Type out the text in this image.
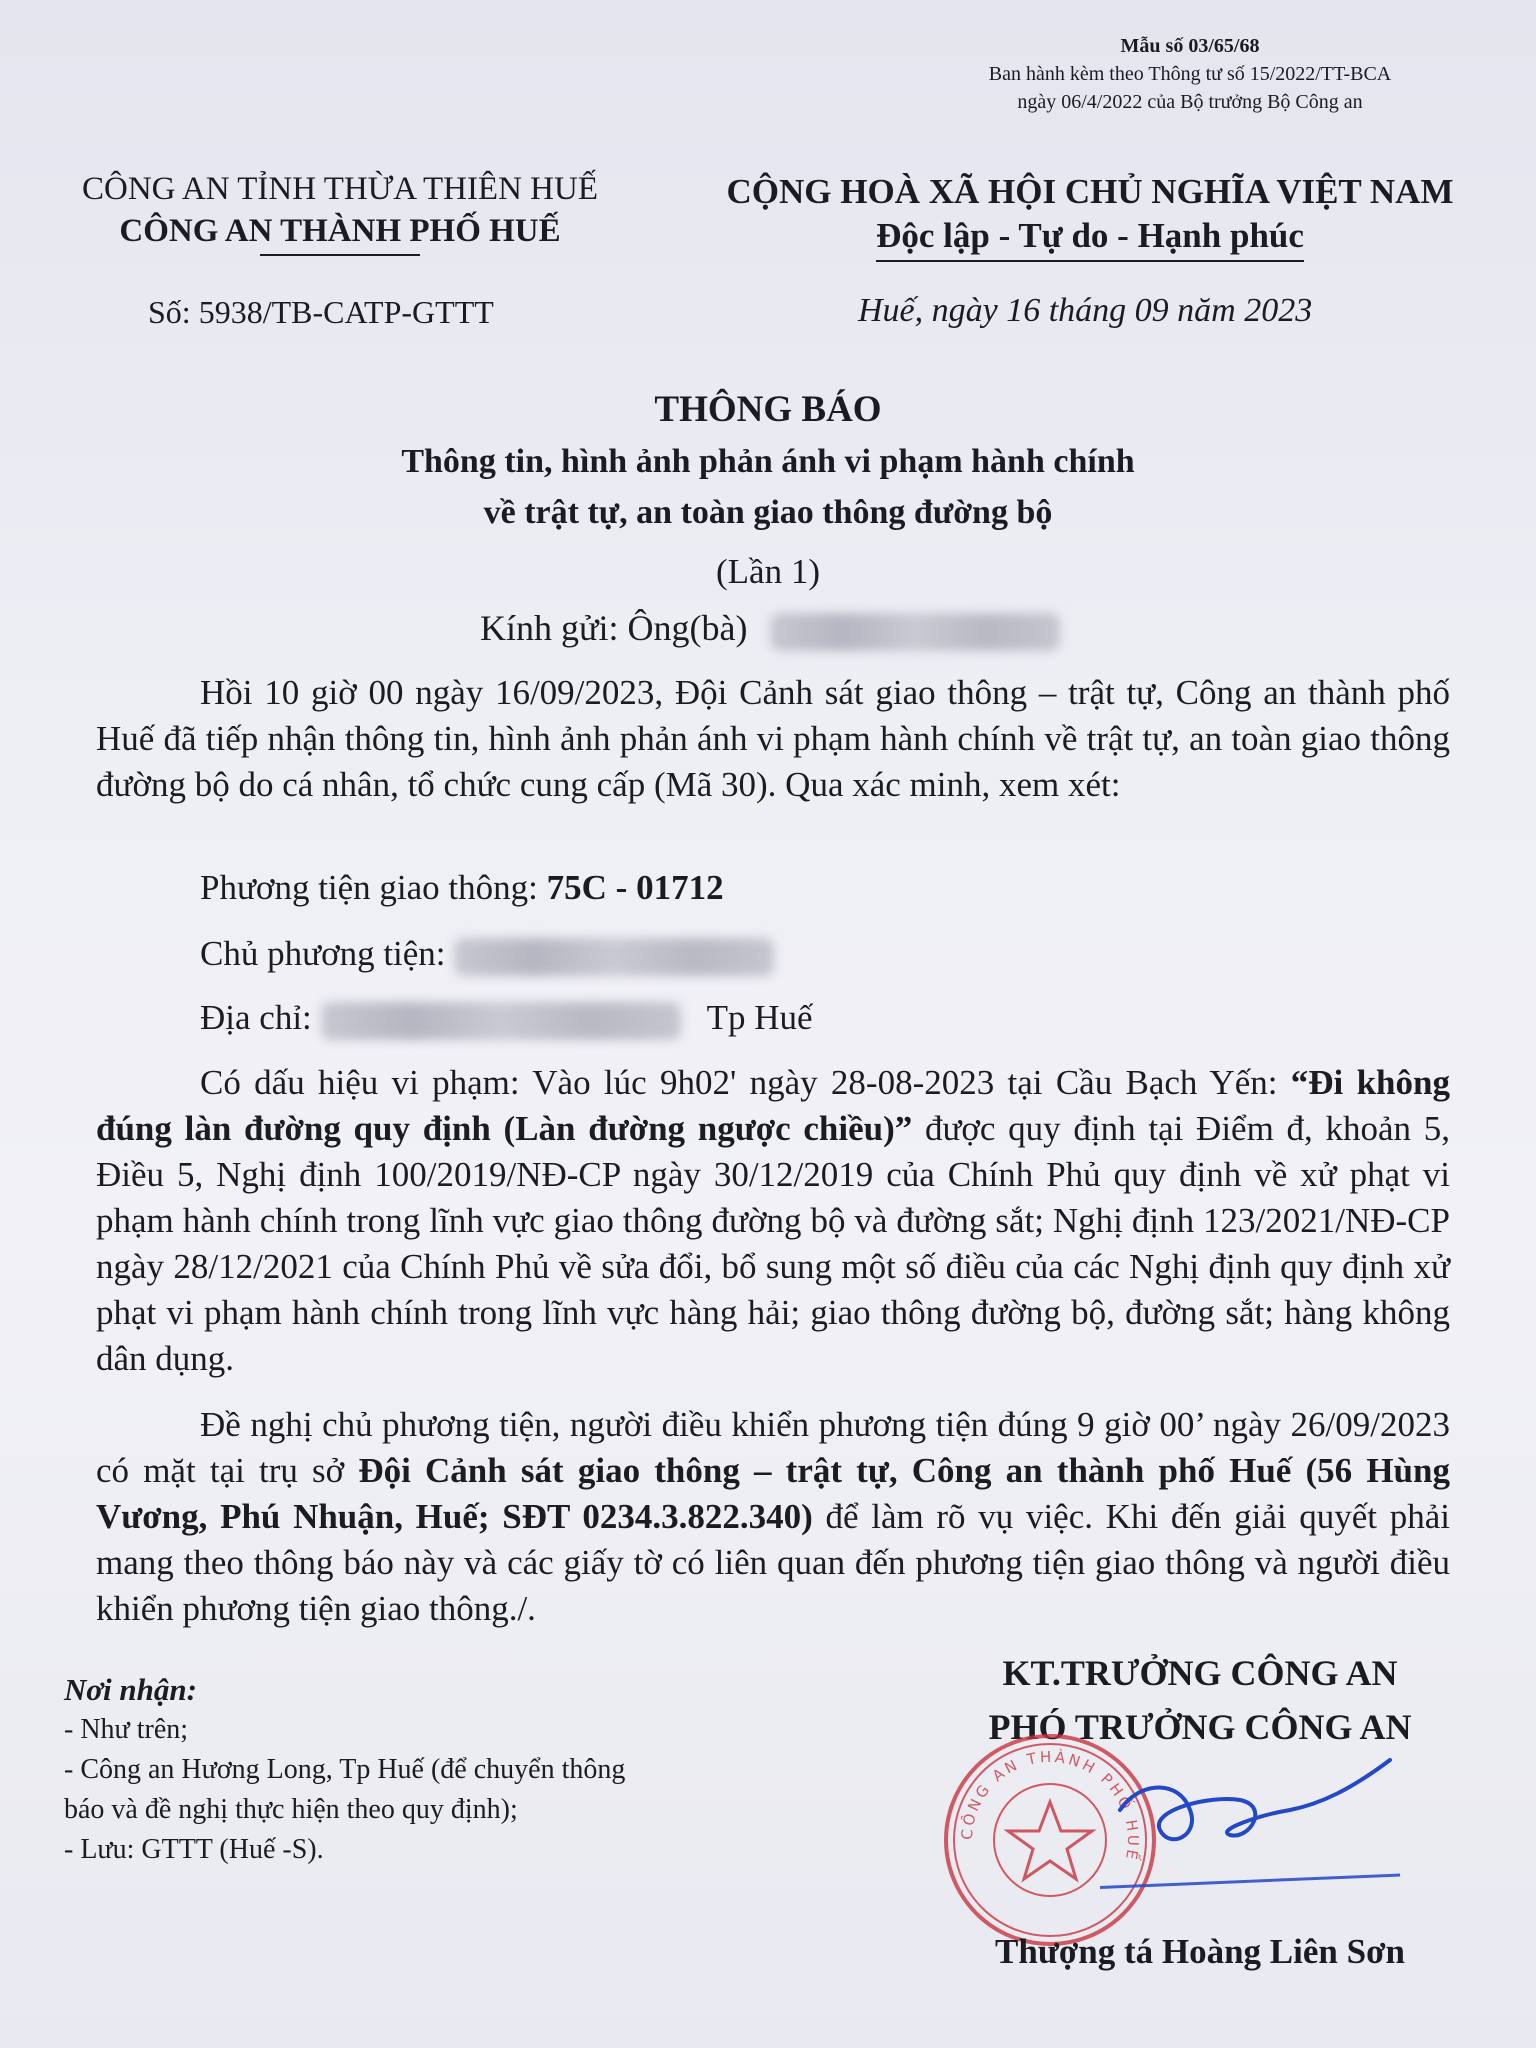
Mẫu số 03/65/68
Ban hành kèm theo Thông tư số 15/2022/TT-BCA
ngày 06/4/2022 của Bộ trưởng Bộ Công an
CÔNG AN TỈNH THỪA THIÊN HUẾ
CÔNG AN THÀNH PHỐ HUẾ
CỘNG HOÀ XÃ HỘI CHỦ NGHĨA VIỆT NAM
Độc lập - Tự do - Hạnh phúc
Số: 5938/TB-CATP-GTTT	Huế, ngày 16 tháng 09 năm 2023
THÔNG BÁO
Thông tin, hình ảnh phản ánh vi phạm hành chính
về trật tự, an toàn giao thông đường bộ
(Lần 1)
Kính gửi: Ông(bà)
Hồi 10 giờ 00 ngày 16/09/2023, Đội Cảnh sát giao thông – trật tự, Công an thành phố Huế đã tiếp nhận thông tin, hình ảnh phản ánh vi phạm hành chính về trật tự, an toàn giao thông đường bộ do cá nhân, tổ chức cung cấp (Mã 30). Qua xác minh, xem xét:
Phương tiện giao thông: 75C - 01712
Chủ phương tiện:
Địa chỉ:	Tp Huế
Có dấu hiệu vi phạm: Vào lúc 9h02' ngày 28-08-2023 tại Cầu Bạch Yến: “Đi không đúng làn đường quy định (Làn đường ngược chiều)” được quy định tại Điểm đ, khoản 5, Điều 5, Nghị định 100/2019/NĐ-CP ngày 30/12/2019 của Chính Phủ quy định về xử phạt vi phạm hành chính trong lĩnh vực giao thông đường bộ và đường sắt; Nghị định 123/2021/NĐ-CP ngày 28/12/2021 của Chính Phủ về sửa đổi, bổ sung một số điều của các Nghị định quy định xử phạt vi phạm hành chính trong lĩnh vực hàng hải; giao thông đường bộ, đường sắt; hàng không dân dụng.
Đề nghị chủ phương tiện, người điều khiển phương tiện đúng 9 giờ 00’ ngày 26/09/2023 có mặt tại trụ sở Đội Cảnh sát giao thông – trật tự, Công an thành phố Huế (56 Hùng Vương, Phú Nhuận, Huế; SĐT 0234.3.822.340) để làm rõ vụ việc. Khi đến giải quyết phải mang theo thông báo này và các giấy tờ có liên quan đến phương tiện giao thông và người điều khiển phương tiện giao thông./.
Nơi nhận:
- Như trên;
- Công an Hương Long, Tp Huế (để chuyển thông
báo và đề nghị thực hiện theo quy định);
- Lưu: GTTT (Huế -S).
KT.TRƯỞNG CÔNG AN
PHÓ TRƯỞNG CÔNG AN
CÔNG AN THÀNH PHỐ HUẾ
Thượng tá Hoàng Liên Sơn
